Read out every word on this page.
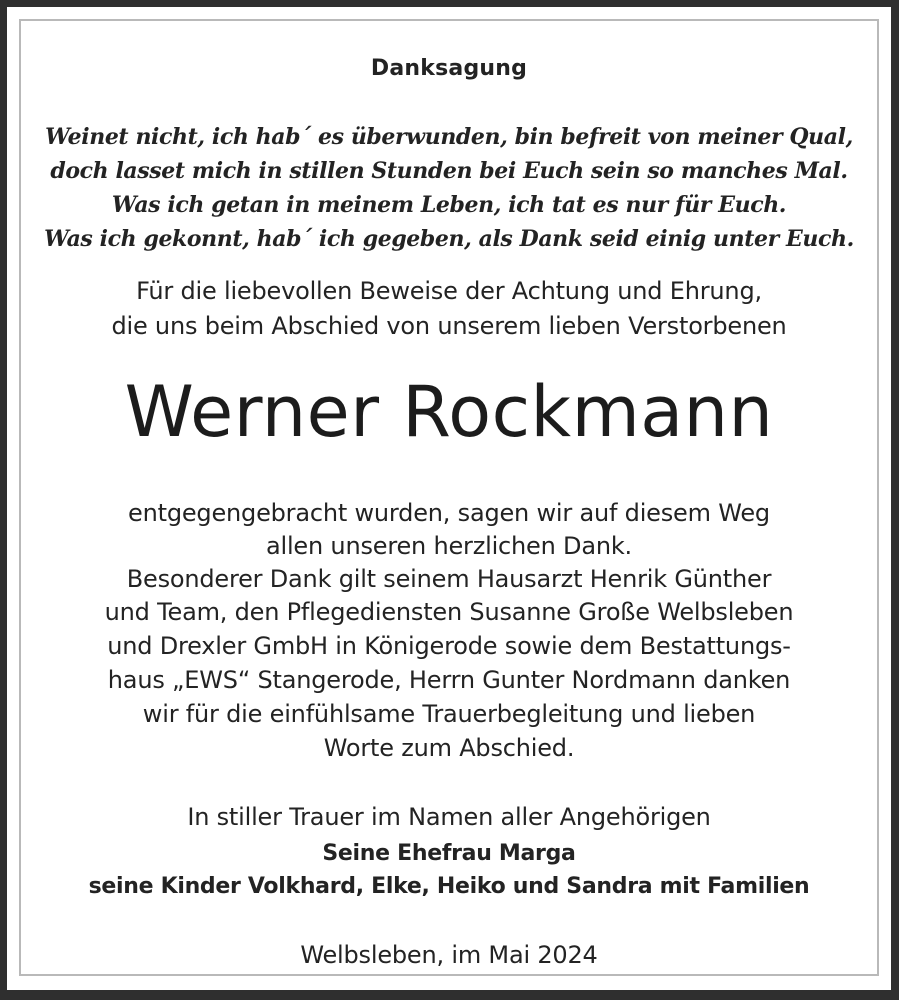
Danksagung
Weinet nicht, ich hab´ es überwunden, bin befreit von meiner Qual,
doch lasset mich in stillen Stunden bei Euch sein so manches Mal.
Was ich getan in meinem Leben, ich tat es nur für Euch.
Was ich gekonnt, hab´ ich gegeben, als Dank seid einig unter Euch.
Für die liebevollen Beweise der Achtung und Ehrung,
die uns beim Abschied von unserem lieben Verstorbenen
Werner Rockmann
entgegengebracht wurden, sagen wir auf diesem Weg
allen unseren herzlichen Dank.
Besonderer Dank gilt seinem Hausarzt Henrik Günther
und Team, den Pflegediensten Susanne Große Welbsleben
und Drexler GmbH in Königerode sowie dem Bestattungs-
haus „EWS“ Stangerode, Herrn Gunter Nordmann danken
wir für die einfühlsame Trauerbegleitung und lieben
Worte zum Abschied.
In stiller Trauer im Namen aller Angehörigen
Seine Ehefrau Marga
seine Kinder Volkhard, Elke, Heiko und Sandra mit Familien
Welbsleben, im Mai 2024
